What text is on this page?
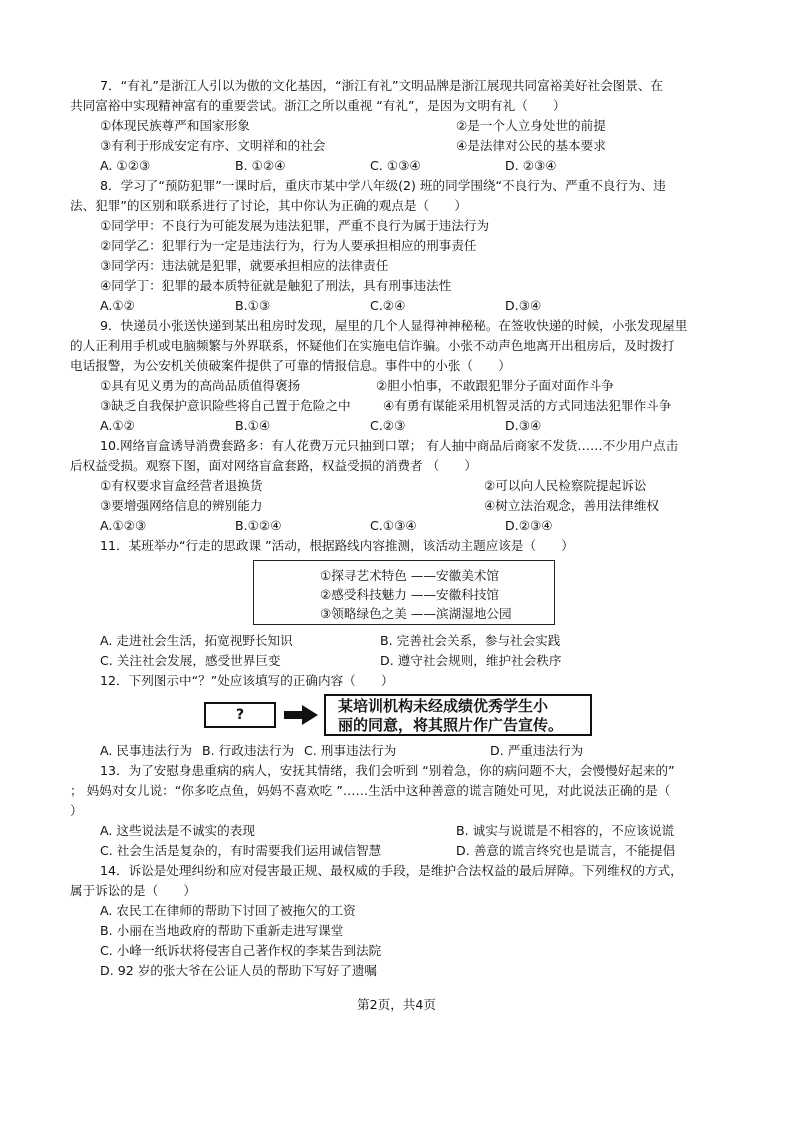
7．“有礼”是浙江人引以为傲的文化基因，“浙江有礼”文明品牌是浙江展现共同富裕美好社会图景、在

共同富裕中实现精神富有的重要尝试。浙江之所以重视 “有礼”，是因为文明有礼（　　）

①体现民族尊严和国家形象	②是一个人立身处世的前提
③有利于形成安定有序、文明祥和的社会	④是法律对公民的基本要求
A. ①②③	B. ①②④	C. ①③④	D. ②③④

8．学习了“预防犯罪”一课时后，重庆市某中学八年级(2) 班的同学围绕“不良行为、严重不良行为、违

法、犯罪”的区别和联系进行了讨论，其中你认为正确的观点是（　　）

①同学甲：不良行为可能发展为违法犯罪，严重不良行为属于违法行为

②同学乙：犯罪行为一定是违法行为，行为人要承担相应的刑事责任

③同学丙：违法就是犯罪，就要承担相应的法律责任

④同学丁：犯罪的最本质特征就是触犯了刑法，具有刑事违法性

A.①②	B.①③	C.②④	D.③④

9．快递员小张送快递到某出租房时发现，屋里的几个人显得神神秘秘。在签收快递的时候，小张发现屋里

的人正利用手机或电脑频繁与外界联系，怀疑他们在实施电信诈骗。小张不动声色地离开出租房后，及时拨打

电话报警，为公安机关侦破案件提供了可靠的情报信息。事件中的小张（　　）

①具有见义勇为的高尚品质值得褒扬	②胆小怕事，不敢跟犯罪分子面对面作斗争
③缺乏自我保护意识险些将自己置于危险之中	④有勇有谋能采用机智灵活的方式同违法犯罪作斗争
A.①②	B.①④	C.②③	D.③④

10.网络盲盒诱导消费套路多：有人花费万元只抽到口罩； 有人抽中商品后商家不发货……不少用户点击

后权益受损。观察下图，面对网络盲盒套路，权益受损的消费者 （　　）

①有权要求盲盒经营者退换货	②可以向人民检察院提起诉讼
③要增强网络信息的辨别能力	④树立法治观念，善用法律维权
A.①②③	B.①②④	C.①③④	D.②③④

11．某班举办“行走的思政课 ”活动，根据路线内容推测，该活动主题应该是（　　）

①探寻艺术特色 ——安徽美术馆
②感受科技魅力 ——安徽科技馆
③领略绿色之美 ——滨湖湿地公园
A. 走进社会生活，拓宽视野长知识	B. 完善社会关系，参与社会实践
C. 关注社会发展，感受世界巨变	D. 遵守社会规则，维护社会秩序

12．下列图示中“？”处应该填写的正确内容（　　）

?	某培训机构未经成绩优秀学生小
丽的同意，将其照片作广告宣传。
A. 民事违法行为 B. 行政违法行为 C. 刑事违法行为	D. 严重违法行为

13．为了安慰身患重病的病人，安抚其情绪，我们会听到 “别着急，你的病问题不大，会慢慢好起来的”

； 妈妈对女儿说：“你多吃点鱼，妈妈不喜欢吃 ”……生活中这种善意的谎言随处可见，对此说法正确的是（

）

A. 这些说法是不诚实的表现	B. 诚实与说谎是不相容的，不应该说谎
C. 社会生活是复杂的，有时需要我们运用诚信智慧	D. 善意的谎言终究也是谎言，不能提倡

14．诉讼是处理纠纷和应对侵害最正规、最权威的手段，是维护合法权益的最后屏障。下列维权的方式，

属于诉讼的是（　　）

A. 农民工在律师的帮助下讨回了被拖欠的工资

B. 小丽在当地政府的帮助下重新走进写课堂

C. 小峰一纸诉状将侵害自己著作权的李某告到法院

D. 92 岁的张大爷在公证人员的帮助下写好了遗嘱

第2页，共4页
